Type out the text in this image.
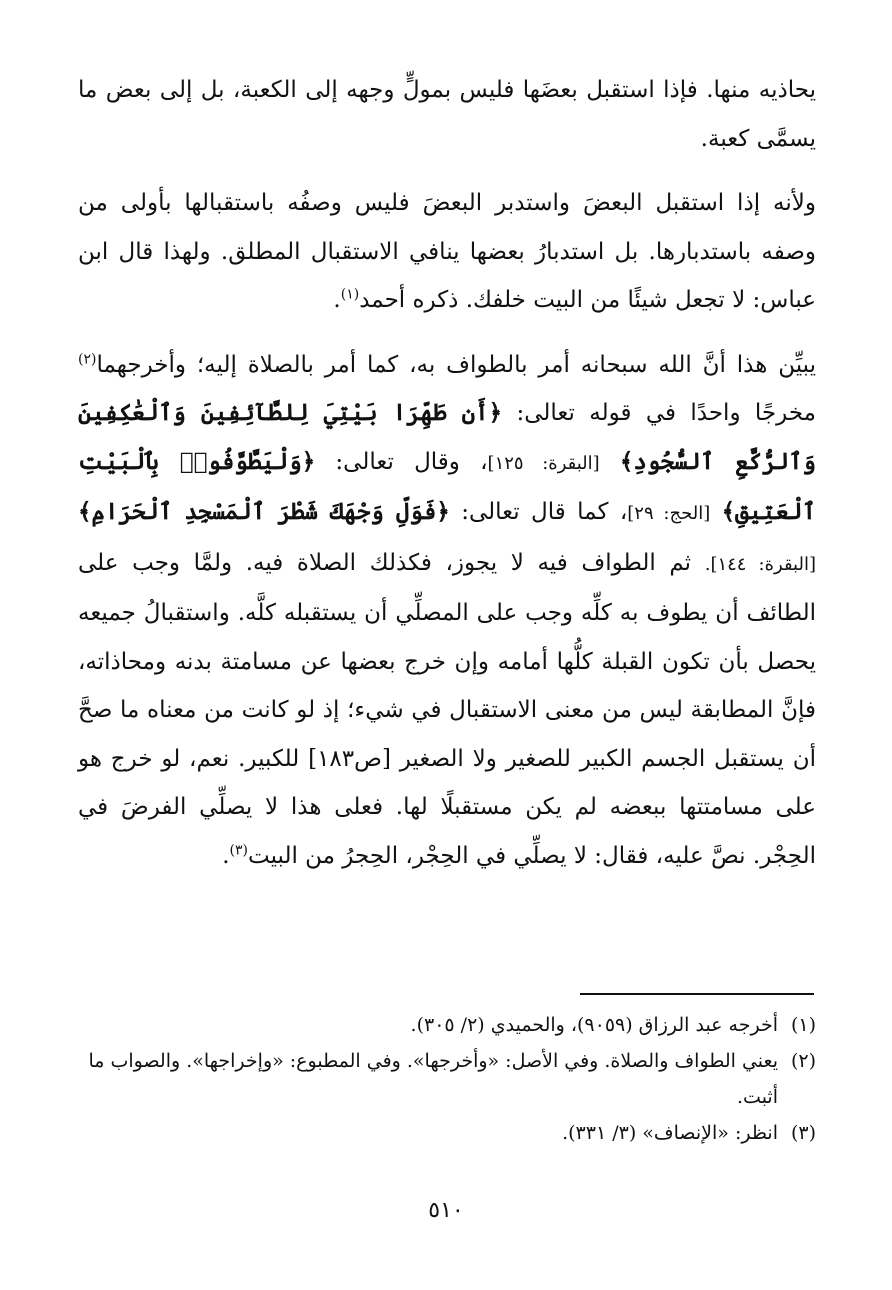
يحاذيه منها. فإذا استقبل بعضَها فليس بمولٍّ وجهه إلى الكعبة، بل إلى بعض ما يسمَّى كعبة.

ولأنه إذا استقبل البعضَ واستدبر البعضَ فليس وصفُه باستقبالها بأولى من وصفه باستدبارها. بل استدبارُ بعضها ينافي الاستقبال المطلق. ولهذا قال ابن عباس: لا تجعل شيئًا من البيت خلفك. ذكره أحمد$^{(١)}$.

يبيِّن هذا أنَّ الله سبحانه أمر بالطواف به، كما أمر بالصلاة إليه؛ وأخرجهما$^{(٢)}$ مخرجًا واحدًا في قوله تعالى: ﴿أَن طَهِّرَا بَيْتِيَ لِلطَّآئِفِينَ وَٱلْعَٰكِفِينَ وَٱلرُّكَّعِ ٱلسُّجُودِ﴾ [البقرة: ١٢٥]، وقال تعالى: ﴿وَلْيَطَّوَّفُوا۟ بِٱلْبَيْتِ ٱلْعَتِيقِ﴾ [الحج: ٢٩]، كما قال تعالى: ﴿فَوَلِّ وَجْهَكَ شَطْرَ ٱلْمَسْجِدِ ٱلْحَرَامِ﴾ [البقرة: ١٤٤]. ثم الطواف فيه لا يجوز، فكذلك الصلاة فيه. ولمَّا وجب على الطائف أن يطوف به كلِّه وجب على المصلِّي أن يستقبله كلَّه. واستقبالُ جميعه يحصل بأن تكون القبلة كلُّها أمامه وإن خرج بعضها عن مسامتة بدنه ومحاذاته، فإنَّ المطابقة ليس من معنى الاستقبال في شيء؛ إذ لو كانت من معناه ما صحَّ أن يستقبل الجسم الكبير للصغير ولا الصغير [ص١٨٣] للكبير. نعم، لو خرج هو على مسامتتها ببعضه لم يكن مستقبلًا لها. فعلى هذا لا يصلِّي الفرضَ في الحِجْر. نصَّ عليه، فقال: لا يصلِّي في الحِجْر، الحِجرُ من البيت$^{(٣)}$.

(١)
أخرجه عبد الرزاق (٩٠٥٩)، والحميدي (٢/ ٣٠٥).
(٢)
يعني الطواف والصلاة. وفي الأصل: «وأخرجها». وفي المطبوع: «وإخراجها». والصواب ما أثبت.
(٣)
انظر: «الإنصاف» (٣/ ٣٣١).
٥١٠
